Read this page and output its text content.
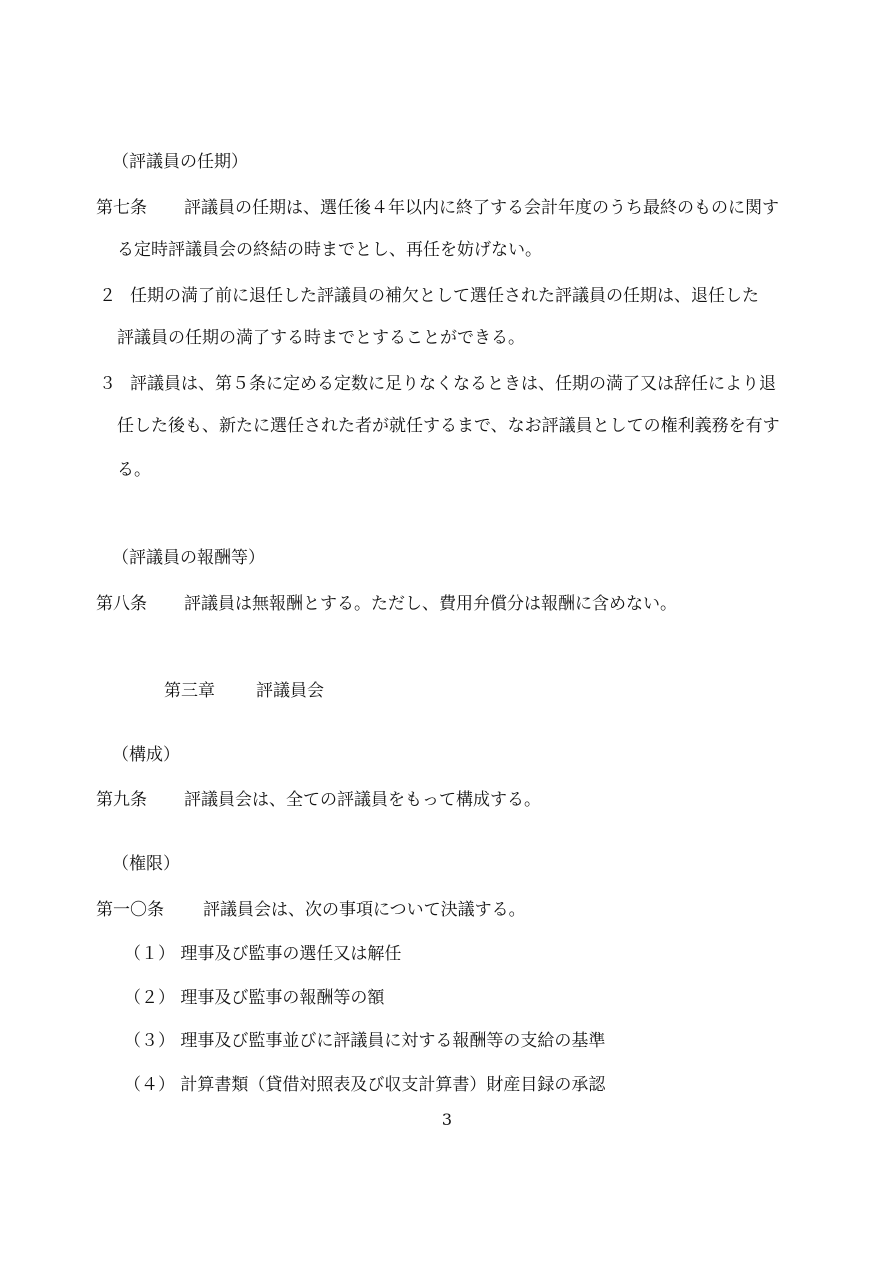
（評議員の任期）
第七条 評議員の任期は、選任後４年以内に終了する会計年度のうち最終のものに関す
る定時評議員会の終結の時までとし、再任を妨げない。
２ 任期の満了前に退任した評議員の補欠として選任された評議員の任期は、退任した
評議員の任期の満了する時までとすることができる。
３ 評議員は、第５条に定める定数に足りなくなるときは、任期の満了又は辞任により退
任した後も、新たに選任された者が就任するまで、なお評議員としての権利義務を有す
る。
（評議員の報酬等）
第八条 評議員は無報酬とする。ただし、費用弁償分は報酬に含めない。
第三章 評議員会
（構成）
第九条 評議員会は、全ての評議員をもって構成する。
（権限）
第一〇条 評議員会は、次の事項について決議する。
（１） 理事及び監事の選任又は解任
（２） 理事及び監事の報酬等の額
（３） 理事及び監事並びに評議員に対する報酬等の支給の基準
（４） 計算書類（貸借対照表及び収支計算書）財産目録の承認
3
